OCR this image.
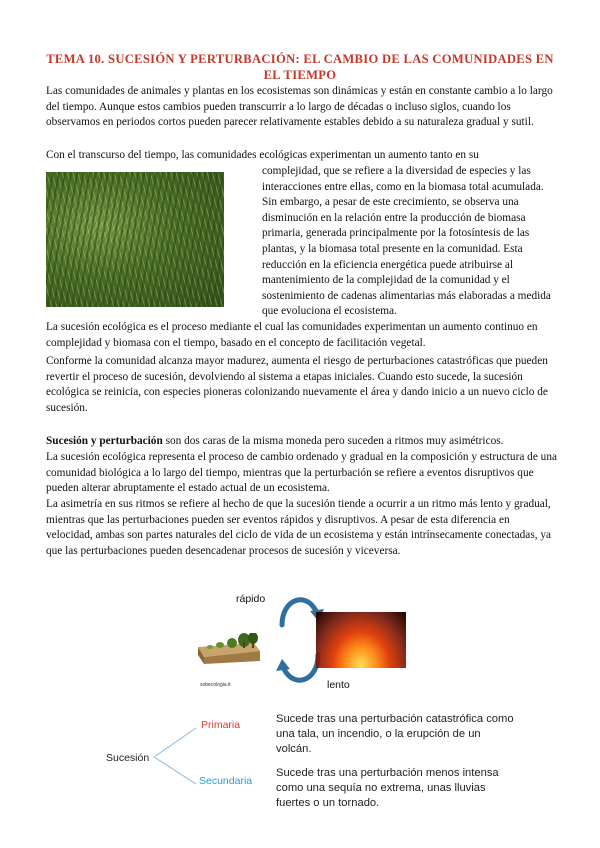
TEMA 10. SUCESIÓN Y PERTURBACIÓN: EL CAMBIO DE LAS COMUNIDADES EN EL TIEMPO

Las comunidades de animales y plantas en los ecosistemas son dinámicas y están en constante cambio a lo largo del tiempo. Aunque estos cambios pueden transcurrir a lo largo de décadas o incluso siglos, cuando los observamos en periodos cortos pueden parecer relativamente estables debido a su naturaleza gradual y sutil.

Con el transcurso del tiempo, las comunidades ecológicas experimentan un aumento tanto en su

complejidad, que se refiere a la diversidad de especies y las interacciones entre ellas, como en la biomasa total acumulada. Sin embargo, a pesar de este crecimiento, se observa una disminución en la relación entre la producción de biomasa primaria, generada principalmente por la fotosíntesis de las plantas, y la biomasa total presente en la comunidad. Esta reducción en la eficiencia energética puede atribuirse al mantenimiento de la complejidad de la comunidad y el sostenimiento de cadenas alimentarias más elaboradas a medida que evoluciona el ecosistema.

La sucesión ecológica es el proceso mediante el cual las comunidades experimentan un aumento continuo en complejidad y biomasa con el tiempo, basado en el concepto de facilitación vegetal.

Conforme la comunidad alcanza mayor madurez, aumenta el riesgo de perturbaciones catastróficas que pueden revertir el proceso de sucesión, devolviendo al sistema a etapas iniciales. Cuando esto sucede, la sucesión ecológica se reinicia, con especies pioneras colonizando nuevamente el área y dando inicio a un nuevo ciclo de sucesión.

Sucesión y perturbación son dos caras de la misma moneda pero suceden a ritmos muy asimétricos.

La sucesión ecológica representa el proceso de cambio ordenado y gradual en la composición y estructura de una comunidad biológica a lo largo del tiempo, mientras que la perturbación se refiere a eventos disruptivos que pueden alterar abruptamente el estado actual de un ecosistema.

La asimetría en sus ritmos se refiere al hecho de que la sucesión tiende a ocurrir a un ritmo más lento y gradual, mientras que las perturbaciones pueden ser eventos rápidos y disruptivos. A pesar de esta diferencia en velocidad, ambas son partes naturales del ciclo de vida de un ecosistema y están intrínsecamente conectadas, ya que las perturbaciones pueden desencadenar procesos de sucesión y viceversa.

rápido
sobecologia.it	lento
Sucesión
Primaria
Secundaria
Sucede tras una perturbación catastrófica como una tala, un incendio, o la erupción de un volcán.
Sucede tras una perturbación menos intensa como una sequía no extrema, unas lluvias fuertes o un tornado.
